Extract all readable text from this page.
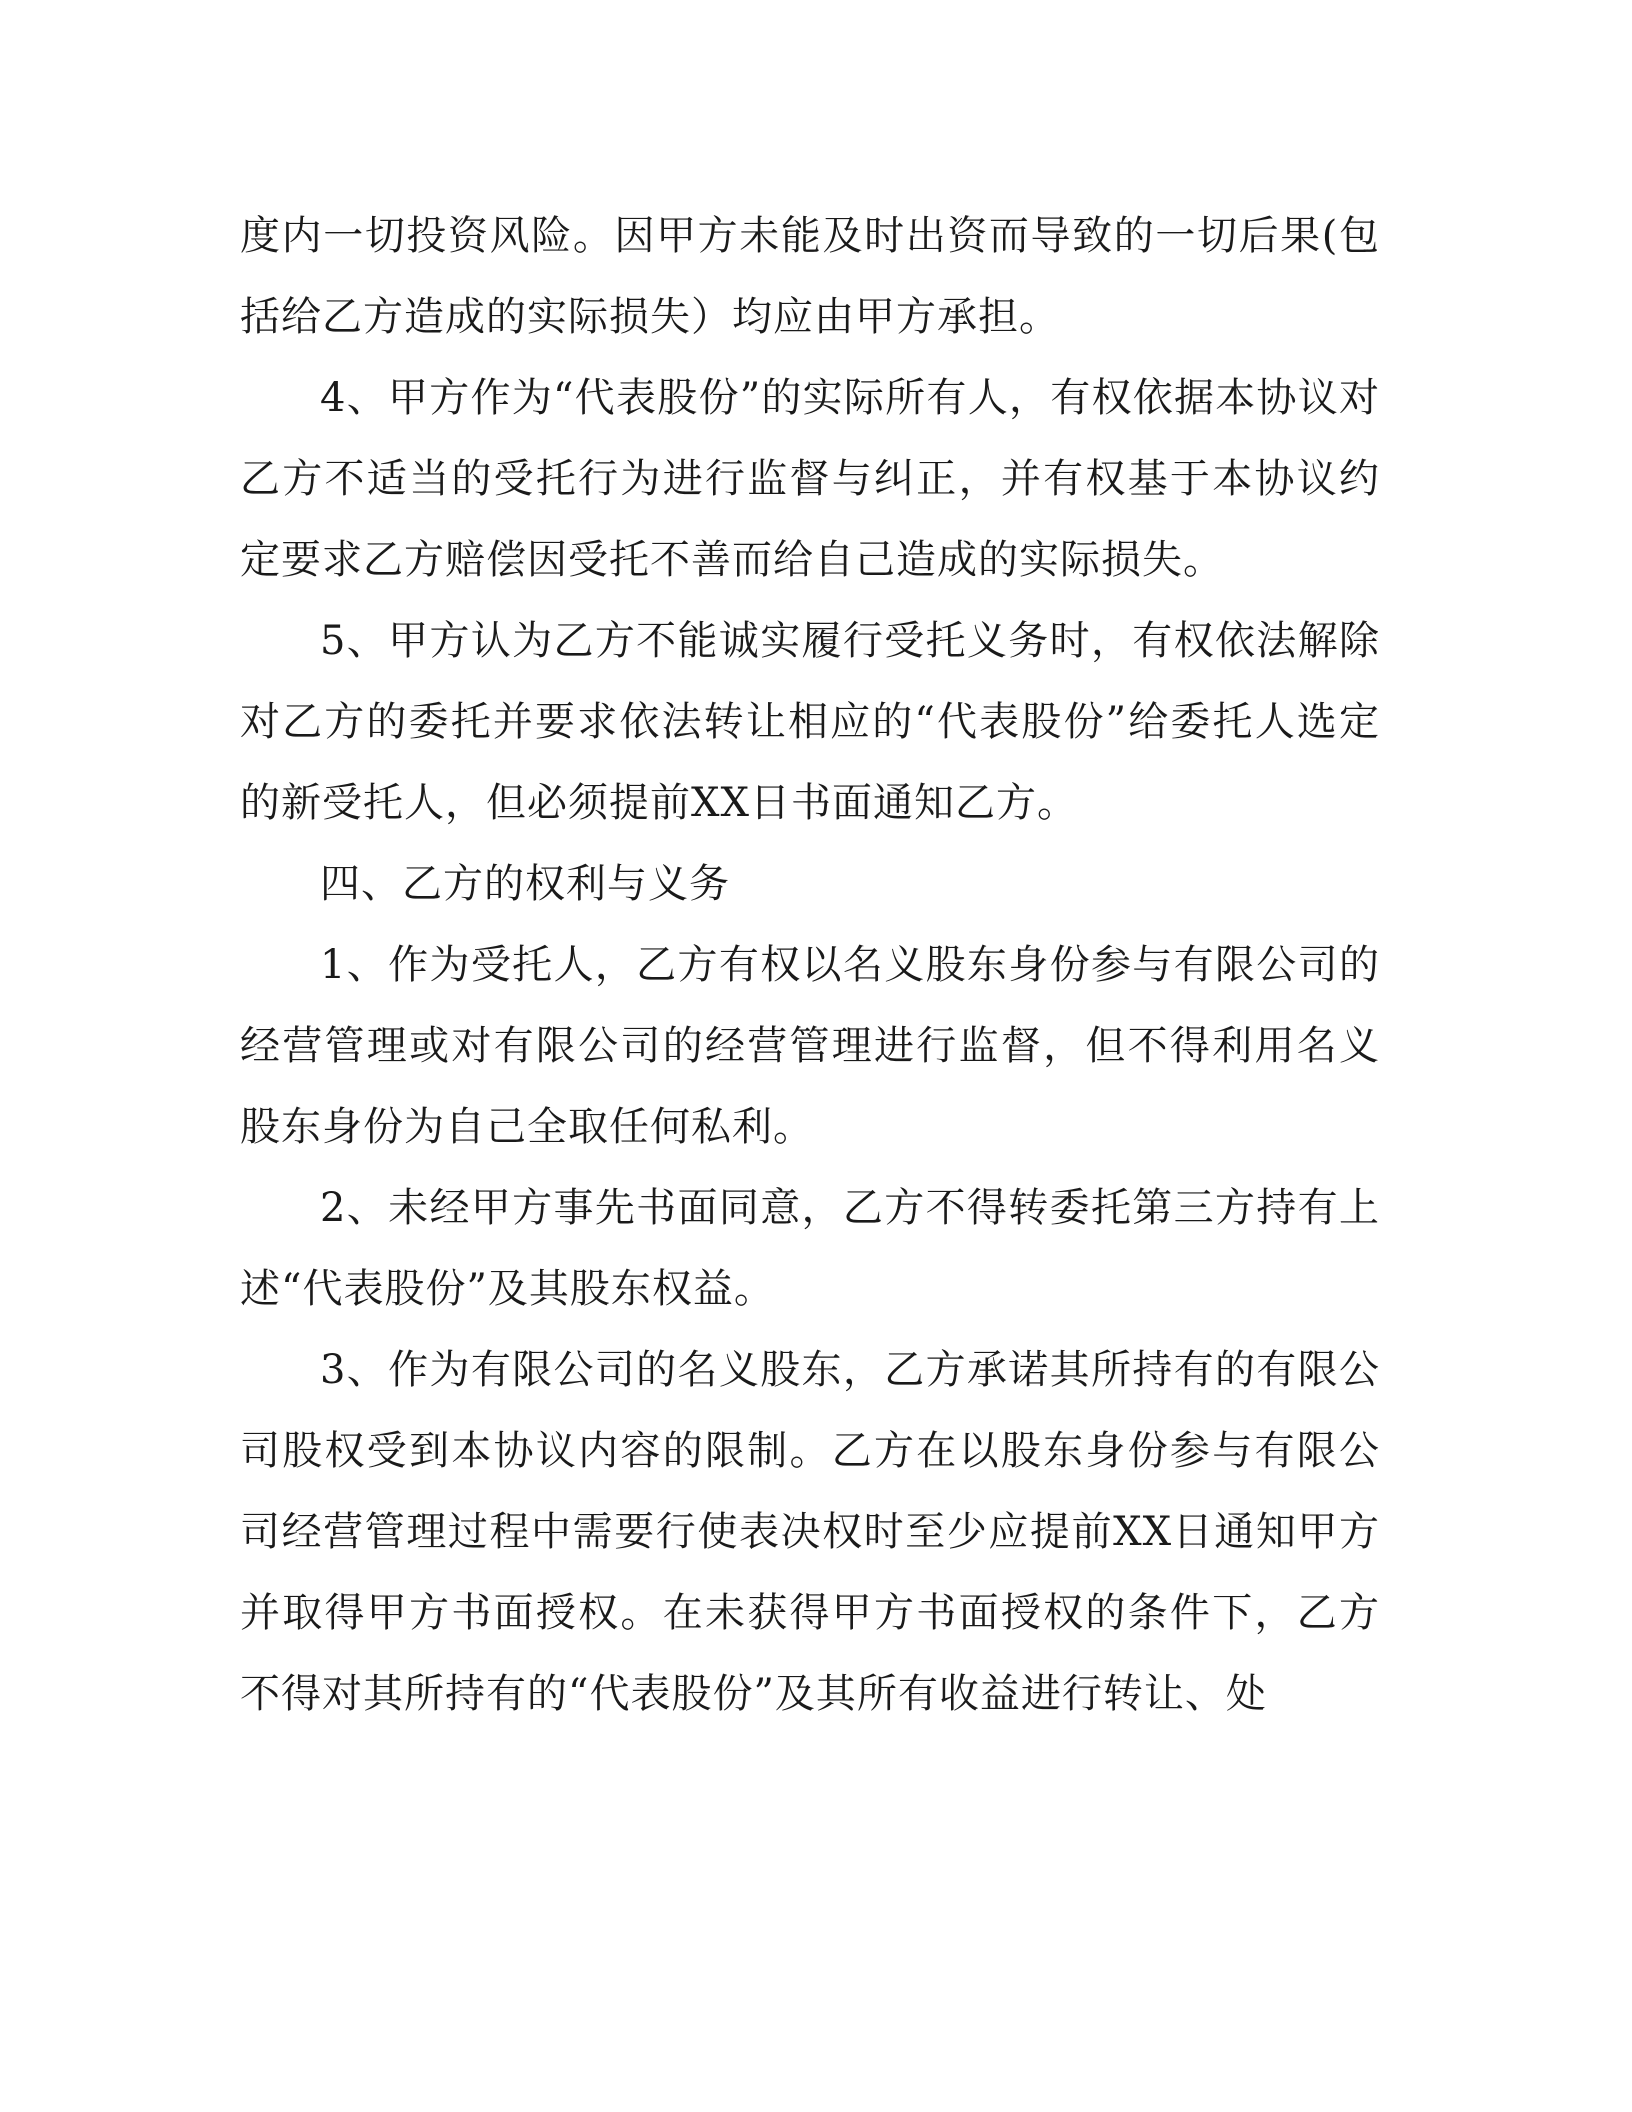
度内一切投资风险。因甲方未能及时出资而导致的一切后果(包括给乙方造成的实际损失）均应由甲方承担。

4、甲方作为“代表股份”的实际所有人，有权依据本协议对乙方不适当的受托行为进行监督与纠正，并有权基于本协议约定要求乙方赔偿因受托不善而给自己造成的实际损失。

5、甲方认为乙方不能诚实履行受托义务时，有权依法解除对乙方的委托并要求依法转让相应的“代表股份”给委托人选定的新受托人，但必须提前XX日书面通知乙方。

四、乙方的权利与义务

1、作为受托人，乙方有权以名义股东身份参与有限公司的经营管理或对有限公司的经营管理进行监督，但不得利用名义股东身份为自己全取任何私利。

2、未经甲方事先书面同意，乙方不得转委托第三方持有上述“代表股份”及其股东权益。

3、作为有限公司的名义股东，乙方承诺其所持有的有限公司股权受到本协议内容的限制。乙方在以股东身份参与有限公司经营管理过程中需要行使表决权时至少应提前XX日通知甲方并取得甲方书面授权。在未获得甲方书面授权的条件下，乙方不得对其所持有的“代表股份”及其所有收益进行转让、处
